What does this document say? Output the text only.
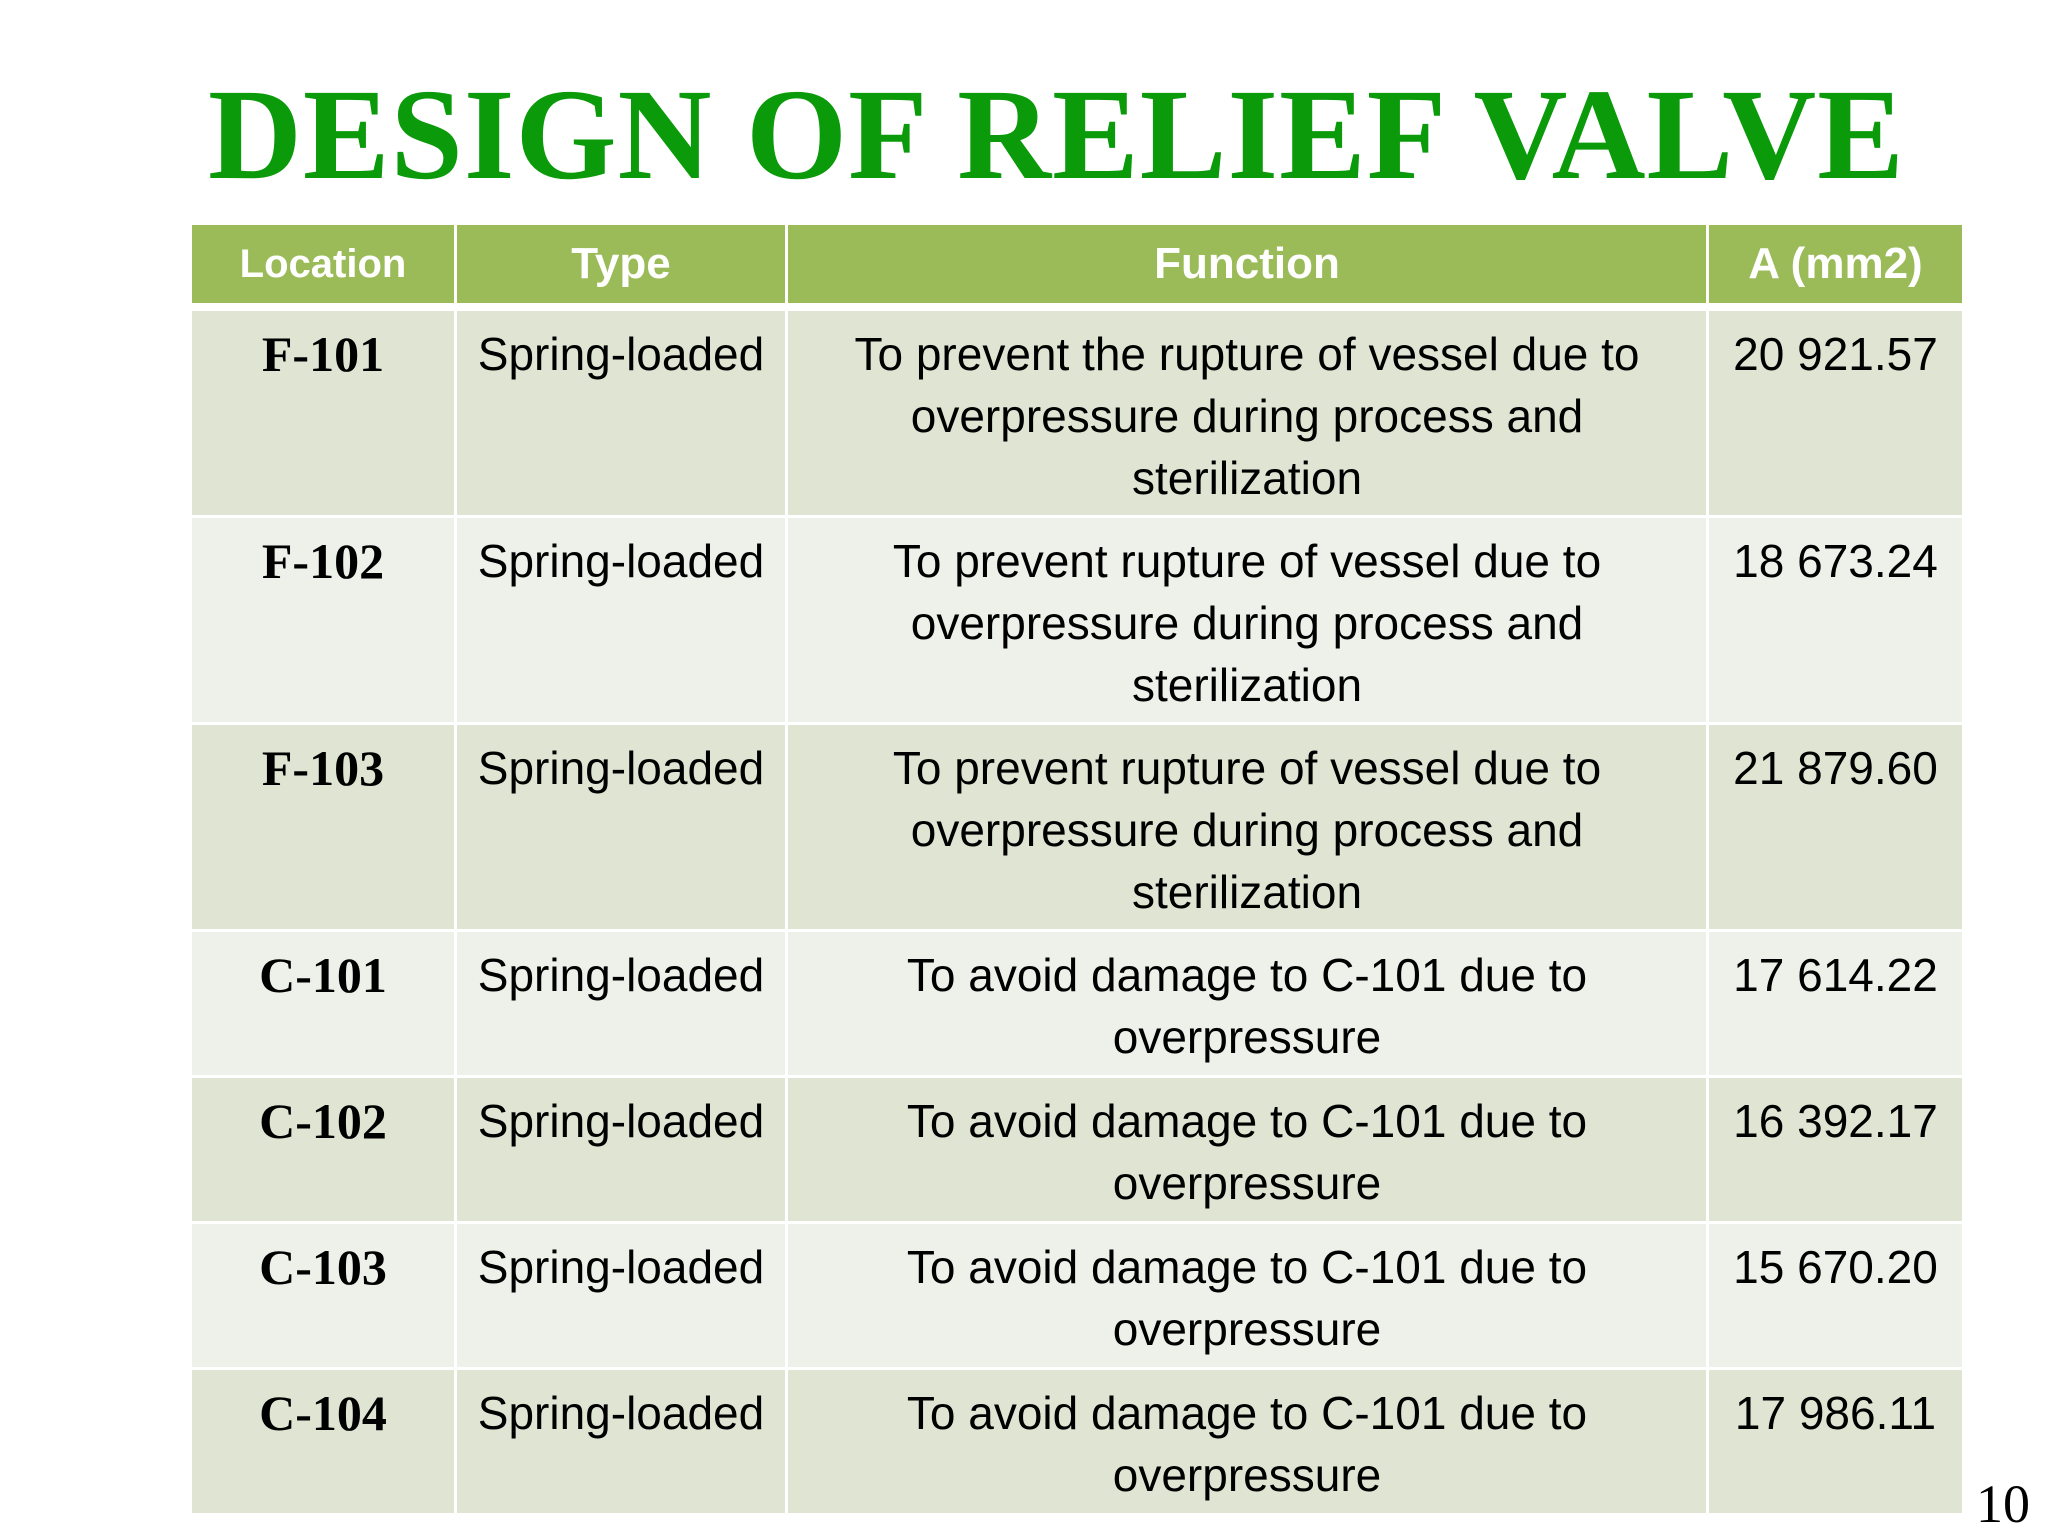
DESIGN OF RELIEF VALVE
Location	Type	Function	A (mm2)
F-101	Spring-loaded	To prevent the rupture of vessel due to overpressure during process and sterilization	20 921.57
F-102	Spring-loaded	To prevent rupture of vessel due to overpressure during process and sterilization	18 673.24
F-103	Spring-loaded	To prevent rupture of vessel due to overpressure during process and sterilization	21 879.60
C-101	Spring-loaded	To avoid damage to C-101 due to overpressure	17 614.22
C-102	Spring-loaded	To avoid damage to C-101 due to overpressure	16 392.17
C-103	Spring-loaded	To avoid damage to C-101 due to overpressure	15 670.20
C-104	Spring-loaded	To avoid damage to C-101 due to overpressure	17 986.11
10
